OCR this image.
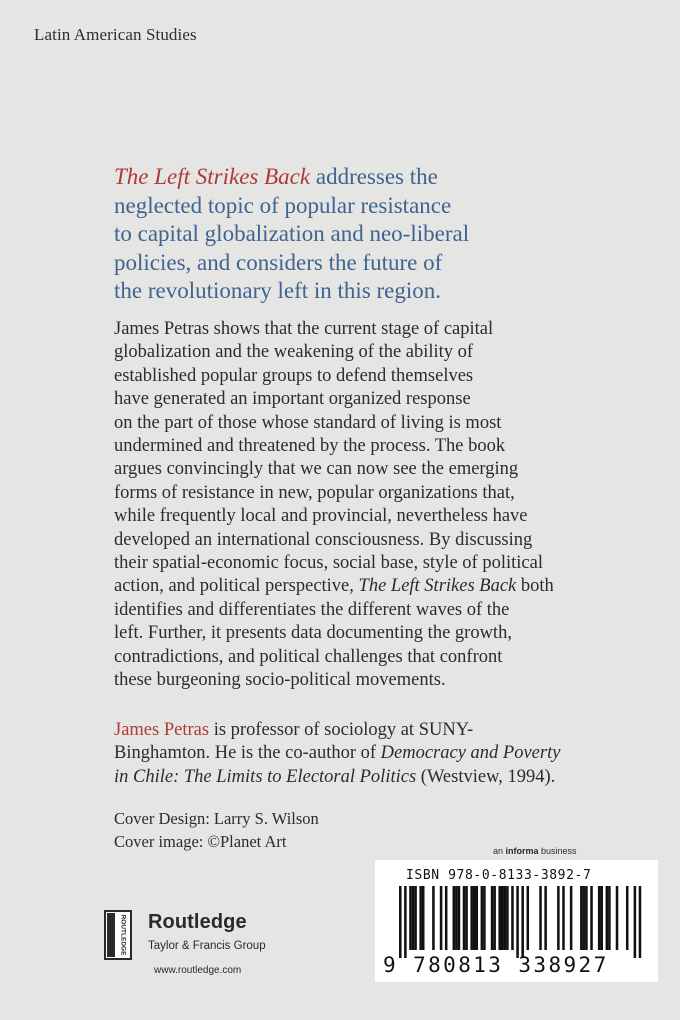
Latin American Studies

The Left Strikes Back addresses the
neglected topic of popular resistance
to capital globalization and neo-liberal
policies, and considers the future of
the revolutionary left in this region.

James Petras shows that the current stage of capital
globalization and the weakening of the ability of
established popular groups to defend themselves
have generated an important organized response
on the part of those whose standard of living is most
undermined and threatened by the process. The book
argues convincingly that we can now see the emerging
forms of resistance in new, popular organizations that,
while frequently local and provincial, nevertheless have
developed an international consciousness. By discussing
their spatial-economic focus, social base, style of political
action, and political perspective, The Left Strikes Back both
identifies and differentiates the different waves of the
left. Further, it presents data documenting the growth,
contradictions, and political challenges that confront
these burgeoning socio-political movements.

James Petras is professor of sociology at SUNY-
Binghamton. He is the co-author of Democracy and Poverty
in Chile: The Limits to Electoral Politics (Westview, 1994).

Cover Design: Larry S. Wilson
Cover image: ©Planet Art
ROUTLEDGE Routledge
Taylor & Francis Group
www.routledge.com
an informa business
ISBN 978-0-8133-3892-7
9 780813 338927
